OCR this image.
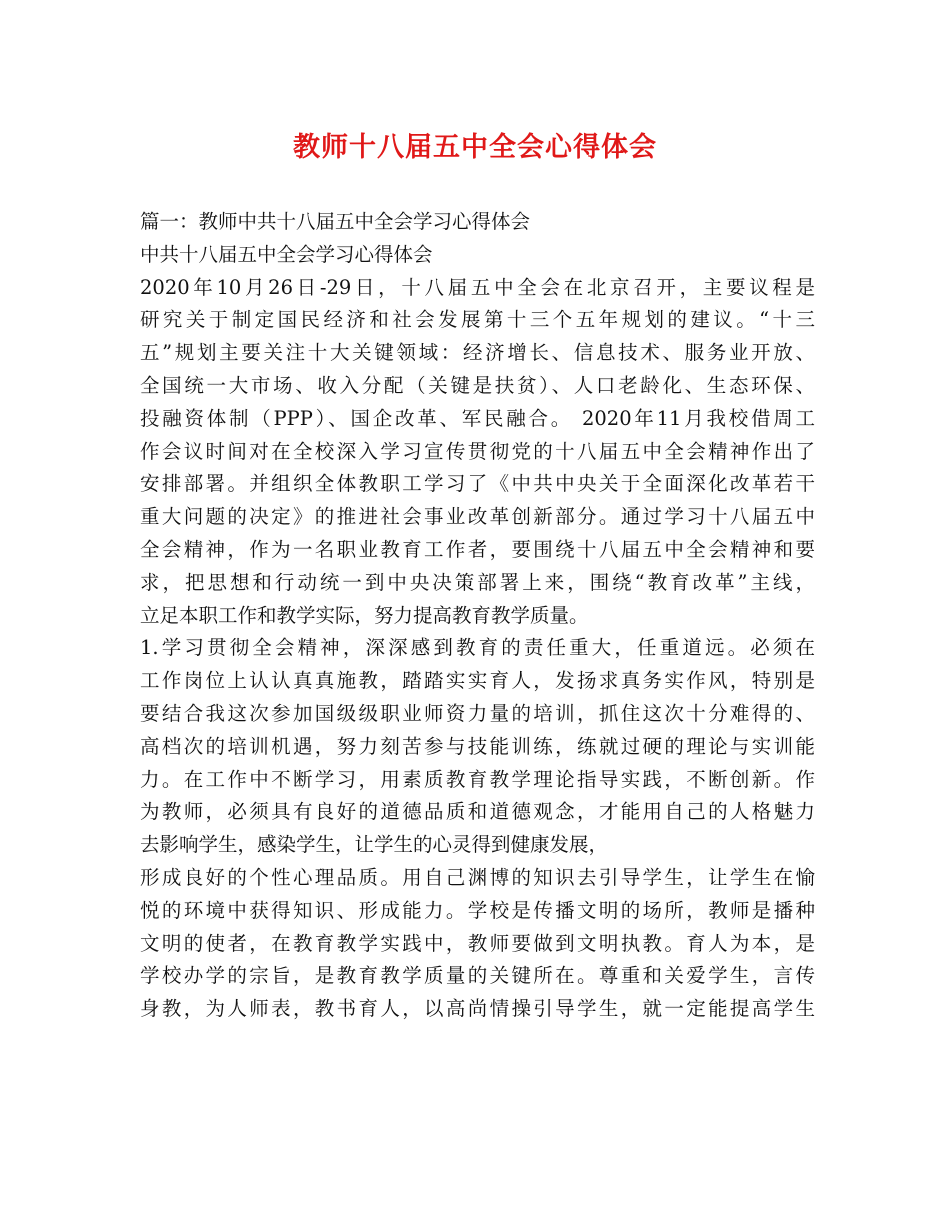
教师十八届五中全会心得体会
篇一：教师中共十八届五中全会学习心得体会
中共十八届五中全会学习心得体会
2020年10月26日-29日，十八届五中全会在北京召开，主要议程是
研究关于制定国民经济和社会发展第十三个五年规划的建议。“十三
五”规划主要关注十大关键领域：经济增长、信息技术、服务业开放、
全国统一大市场、收入分配（关键是扶贫）、人口老龄化、生态环保、
投融资体制（PPP）、国企改革、军民融合。 2020年11月我校借周工
作会议时间对在全校深入学习宣传贯彻党的十八届五中全会精神作出了
安排部署。并组织全体教职工学习了《中共中央关于全面深化改革若干
重大问题的决定》的推进社会事业改革创新部分。通过学习十八届五中
全会精神，作为一名职业教育工作者，要围绕十八届五中全会精神和要
求，把思想和行动统一到中央决策部署上来，围绕“教育改革”主线，
立足本职工作和教学实际，努力提高教育教学质量。
1.学习贯彻全会精神，深深感到教育的责任重大，任重道远。必须在
工作岗位上认认真真施教，踏踏实实育人，发扬求真务实作风，特别是
要结合我这次参加国级级职业师资力量的培训，抓住这次十分难得的、
高档次的培训机遇，努力刻苦参与技能训练，练就过硬的理论与实训能
力。在工作中不断学习，用素质教育教学理论指导实践，不断创新。作
为教师，必须具有良好的道德品质和道德观念，才能用自己的人格魅力
去影响学生，感染学生，让学生的心灵得到健康发展，
形成良好的个性心理品质。用自己渊博的知识去引导学生，让学生在愉
悦的环境中获得知识、形成能力。学校是传播文明的场所，教师是播种
文明的使者，在教育教学实践中，教师要做到文明执教。育人为本，是
学校办学的宗旨，是教育教学质量的关键所在。尊重和关爱学生，言传
身教，为人师表，教书育人，以高尚情操引导学生，就一定能提高学生
